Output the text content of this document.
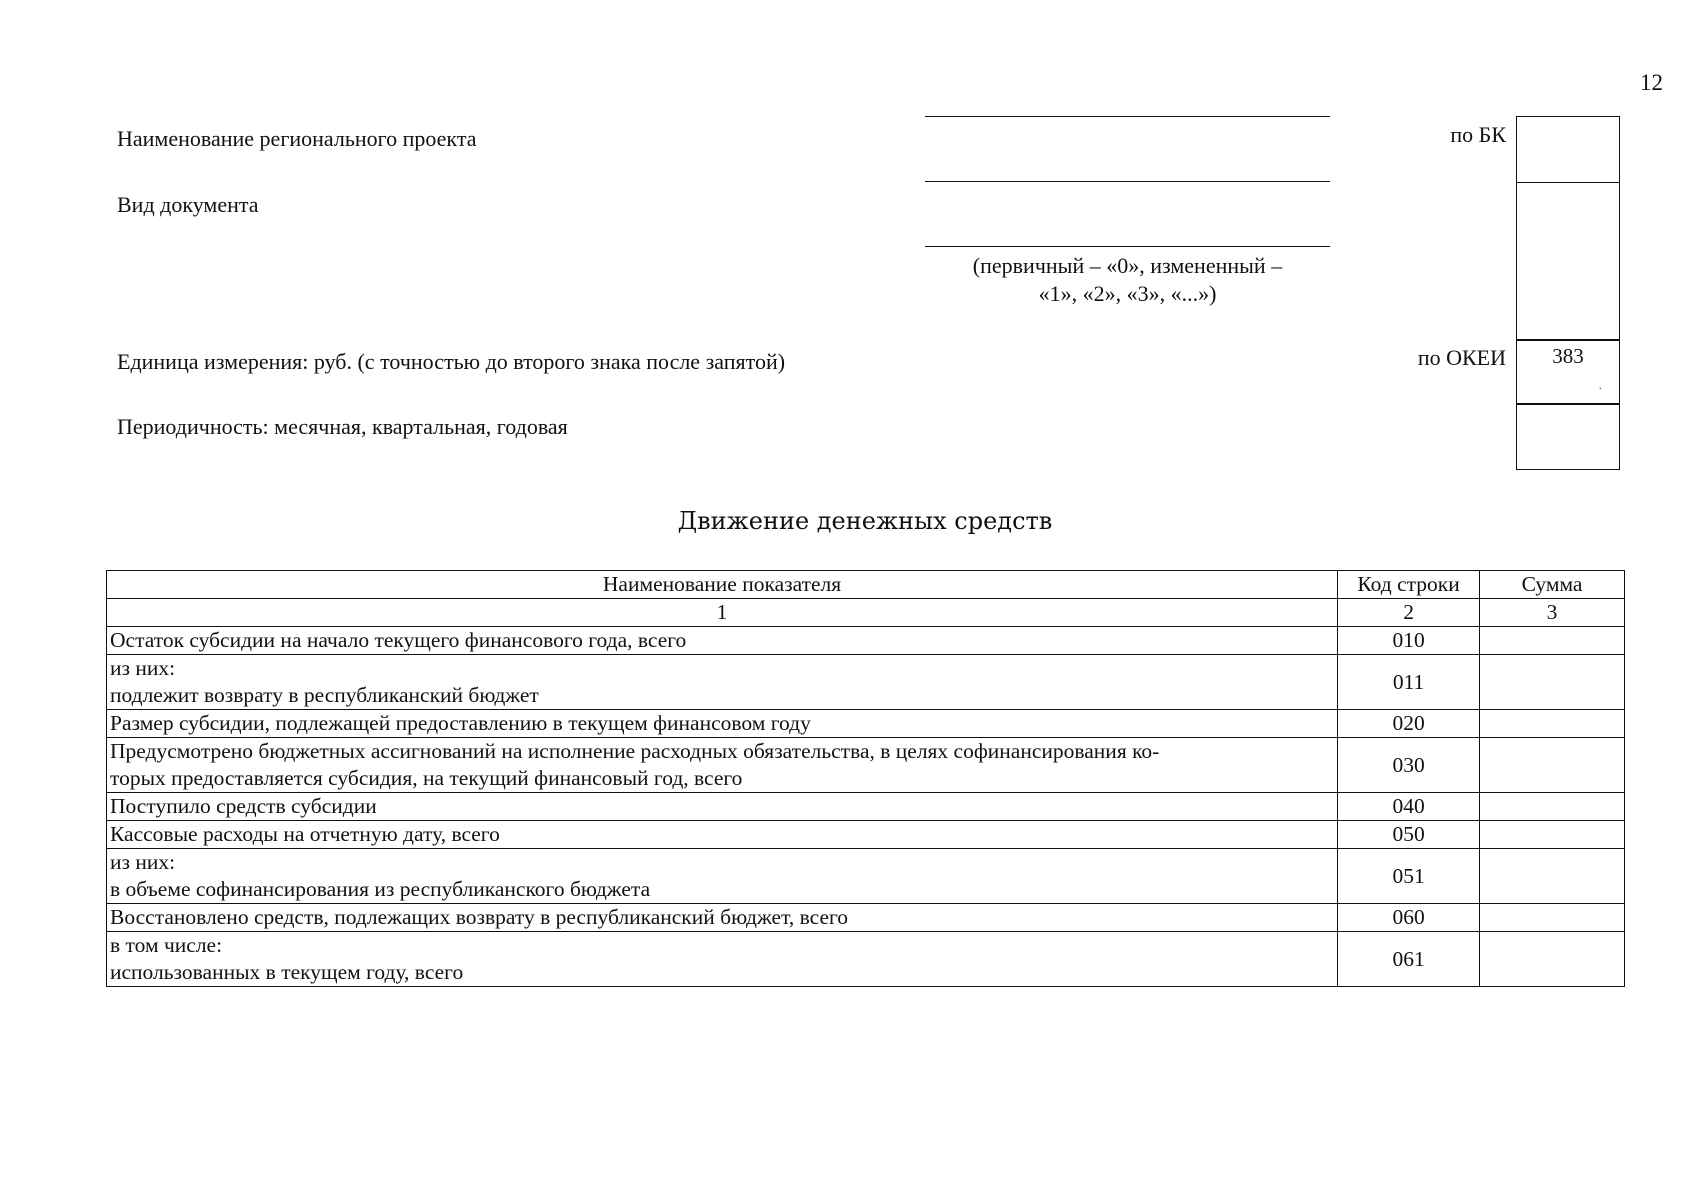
12
Наименование регионального проекта
Вид документа
Единица измерения: руб. (с точностью до второго знака после запятой)
Периодичность: месячная, квартальная, годовая
(первичный – «0», измененный –
«1», «2», «3», «...»)
по БК
по ОКЕИ	383
.
Движение денежных средств
Наименование показателя	Код строки	Сумма
1	2	3

Остаток субсидии на начало текущего финансового года, всего	010	

из них:
подлежит возврату в республиканский бюджет	011	

Размер субсидии, подлежащей предоставлению в текущем финансовом году	020	

Предусмотрено бюджетных ассигнований на исполнение расходных обязательства, в целях софинансирования ко-
торых предоставляется субсидия, на текущий финансовый год, всего	030	

Поступило средств субсидии	040	

Кассовые расходы на отчетную дату, всего	050	

из них:
в объеме софинансирования из республиканского бюджета	051	

Восстановлено средств, подлежащих возврату в республиканский бюджет, всего	060	

в том числе:
использованных в текущем году, всего	061	
